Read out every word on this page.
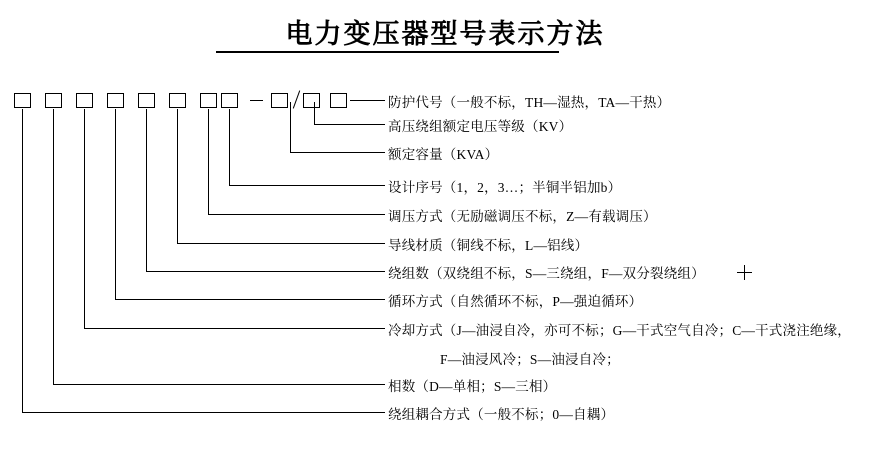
电力变压器型号表示方法
防护代号（一般不标，TH—湿热，TA—干热）
高压绕组额定电压等级（KV）
额定容量（KVA）
设计序号（1，2，3…；半铜半铝加b）
调压方式（无励磁调压不标，Z—有载调压）
导线材质（铜线不标，L—铝线）
绕组数（双绕组不标，S—三绕组，F—双分裂绕组）
循环方式（自然循环不标，P—强迫循环）
冷却方式（J—油浸自冷，亦可不标；G—干式空气自冷；C—干式浇注绝缘，
F—油浸风冷；S—油浸自冷；
相数（D—单相；S—三相）
绕组耦合方式（一般不标；0—自耦）
